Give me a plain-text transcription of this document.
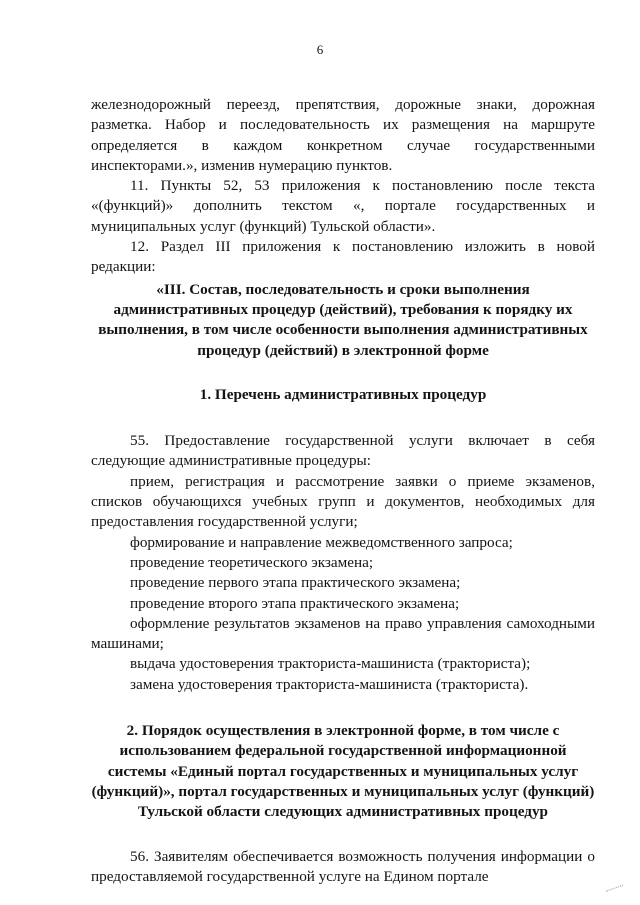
6

железнодорожный переезд, препятствия, дорожные знаки, дорожная разметка. Набор и последовательность их размещения на маршруте определяется в каждом конкретном случае государственными инспекторами.», изменив нумерацию пунктов.

11. Пункты 52, 53 приложения к постановлению после текста «(функций)» дополнить текстом «, портале государственных и муниципальных услуг (функций) Тульской области».

12. Раздел III приложения к постановлению изложить в новой редакции:

«III. Состав, последовательность и сроки выполнения административных процедур (действий), требования к порядку их выполнения, в том числе особенности выполнения административных процедур (действий) в электронной форме

1. Перечень административных процедур

55. Предоставление государственной услуги включает в себя следующие административные процедуры:

прием, регистрация и рассмотрение заявки о приеме экзаменов, списков обучающихся учебных групп и документов, необходимых для предоставления государственной услуги;

формирование и направление межведомственного запроса;

проведение теоретического экзамена;

проведение первого этапа практического экзамена;

проведение второго этапа практического экзамена;

оформление результатов экзаменов на право управления самоходными машинами;

выдача удостоверения тракториста-машиниста (тракториста);

замена удостоверения тракториста-машиниста (тракториста).

2. Порядок осуществления в электронной форме, в том числе с использованием федеральной государственной информационной системы «Единый портал государственных и муниципальных услуг (функций)», портал государственных и муниципальных услуг (функций) Тульской области следующих административных процедур

56. Заявителям обеспечивается возможность получения информации о предоставляемой государственной услуге на Едином портале
